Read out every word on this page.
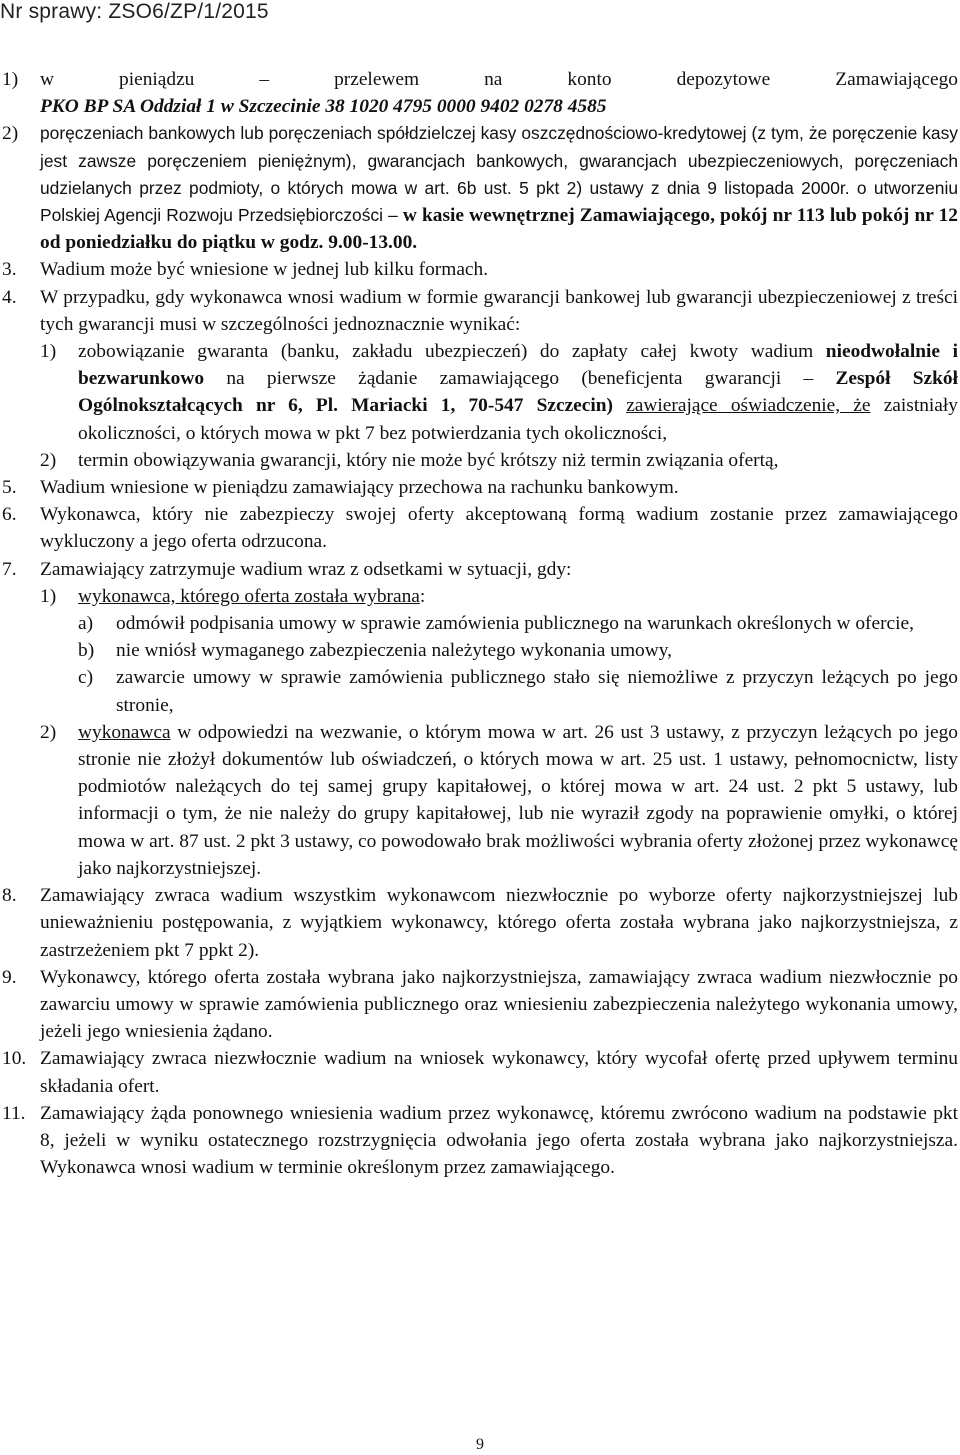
Nr sprawy: ZSO6/ZP/1/2015
1) w pieniądzu – przelewem na konto depozytowe Zamawiającego
PKO BP SA Oddział 1 w Szczecinie 38 1020 4795 0000 9402 0278 4585
2) poręczeniach bankowych lub poręczeniach spółdzielczej kasy oszczędnościowo-kredytowej (z tym, że poręczenie kasy jest zawsze poręczeniem pieniężnym), gwarancjach bankowych, gwarancjach ubezpieczeniowych, poręczeniach udzielanych przez podmioty, o których mowa w art. 6b ust. 5 pkt 2) ustawy z dnia 9 listopada 2000r. o utworzeniu Polskiej Agencji Rozwoju Przedsiębiorczości – w kasie wewnętrznej Zamawiającego, pokój nr 113 lub pokój nr 12 od poniedziałku do piątku w godz. 9.00-13.00.
3. Wadium może być wniesione w jednej lub kilku formach.
4. W przypadku, gdy wykonawca wnosi wadium w formie gwarancji bankowej lub gwarancji ubezpieczeniowej z treści tych gwarancji musi w szczególności jednoznacznie wynikać:
1) zobowiązanie gwaranta (banku, zakładu ubezpieczeń) do zapłaty całej kwoty wadium nieodwołalnie i bezwarunkowo na pierwsze żądanie zamawiającego (beneficjenta gwarancji – Zespół Szkół Ogólnokształcących nr 6, Pl. Mariacki 1, 70-547 Szczecin) zawierające oświadczenie, że zaistniały okoliczności, o których mowa w pkt 7 bez potwierdzania tych okoliczności,
2) termin obowiązywania gwarancji, który nie może być krótszy niż termin związania ofertą,
5. Wadium wniesione w pieniądzu zamawiający przechowa na rachunku bankowym.
6. Wykonawca, który nie zabezpieczy swojej oferty akceptowaną formą wadium zostanie przez zamawiającego wykluczony a jego oferta odrzucona.
7. Zamawiający zatrzymuje wadium wraz z odsetkami w sytuacji, gdy:
1) wykonawca, którego oferta została wybrana:
a) odmówił podpisania umowy w sprawie zamówienia publicznego na warunkach określonych w ofercie,
b) nie wniósł wymaganego zabezpieczenia należytego wykonania umowy,
c) zawarcie umowy w sprawie zamówienia publicznego stało się niemożliwe z przyczyn leżących po jego stronie,
2) wykonawca w odpowiedzi na wezwanie, o którym mowa w art. 26 ust 3 ustawy, z przyczyn leżących po jego stronie nie złożył dokumentów lub oświadczeń, o których mowa w art. 25 ust. 1 ustawy, pełnomocnictw, listy podmiotów należących do tej samej grupy kapitałowej, o której mowa w art. 24 ust. 2 pkt 5 ustawy, lub informacji o tym, że nie należy do grupy kapitałowej, lub nie wyraził zgody na poprawienie omyłki, o której mowa w art. 87 ust. 2 pkt 3 ustawy, co powodowało brak możliwości wybrania oferty złożonej przez wykonawcę jako najkorzystniejszej.
8. Zamawiający zwraca wadium wszystkim wykonawcom niezwłocznie po wyborze oferty najkorzystniejszej lub unieważnieniu postępowania, z wyjątkiem wykonawcy, którego oferta została wybrana jako najkorzystniejsza, z zastrzeżeniem pkt 7 ppkt 2).
9. Wykonawcy, którego oferta została wybrana jako najkorzystniejsza, zamawiający zwraca wadium niezwłocznie po zawarciu umowy w sprawie zamówienia publicznego oraz wniesieniu zabezpieczenia należytego wykonania umowy, jeżeli jego wniesienia żądano.
10. Zamawiający zwraca niezwłocznie wadium na wniosek wykonawcy, który wycofał ofertę przed upływem terminu składania ofert.
11. Zamawiający żąda ponownego wniesienia wadium przez wykonawcę, któremu zwrócono wadium na podstawie pkt 8, jeżeli w wyniku ostatecznego rozstrzygnięcia odwołania jego oferta została wybrana jako najkorzystniejsza. Wykonawca wnosi wadium w terminie określonym przez zamawiającego.
9
